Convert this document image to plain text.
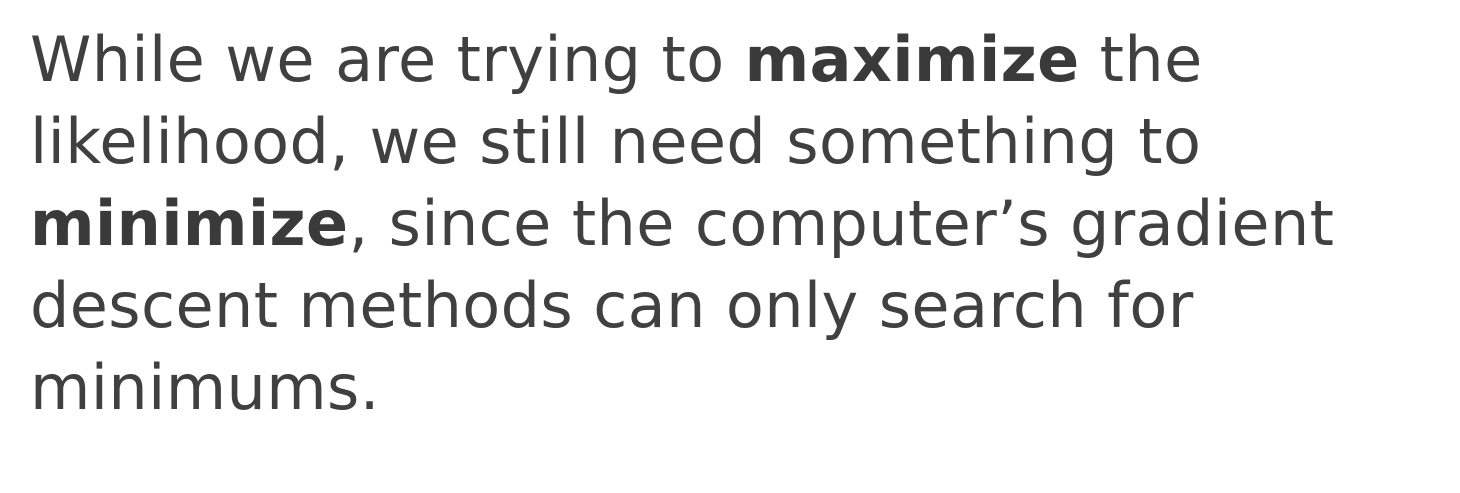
While we are trying to maximize the
likelihood, we still need something to
minimize, since the computer’s gradient
descent methods can only search for
minimums.
